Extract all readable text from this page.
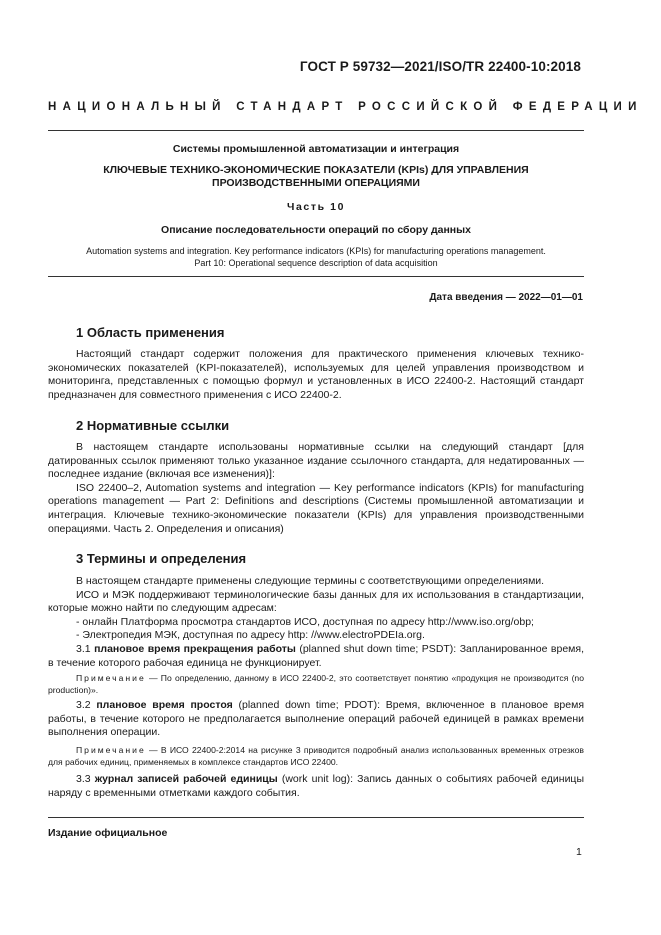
ГОСТ Р 59732—2021/ISO/TR 22400-10:2018
НАЦИОНАЛЬНЫЙ СТАНДАРТ РОССИЙСКОЙ ФЕДЕРАЦИИ
Системы промышленной автоматизации и интеграция
КЛЮЧЕВЫЕ ТЕХНИКО-ЭКОНОМИЧЕСКИЕ ПОКАЗАТЕЛИ (KPIs) ДЛЯ УПРАВЛЕНИЯ
ПРОИЗВОДСТВЕННЫМИ ОПЕРАЦИЯМИ
Часть 10
Описание последовательности операций по сбору данных
Automation systems and integration. Key performance indicators (KPIs) for manufacturing operations management.
Part 10: Operational sequence description of data acquisition
Дата введения — 2022—01—01
1 Область применения

Настоящий стандарт содержит положения для практического применения ключевых технико-экономических показателей (KPI-показателей), используемых для целей управления производством и мониторинга, представленных с помощью формул и установленных в ИСО 22400-2. Настоящий стандарт предназначен для совместного применения с ИСО 22400-2.

2 Нормативные ссылки

В настоящем стандарте использованы нормативные ссылки на следующий стандарт [для датированных ссылок применяют только указанное издание ссылочного стандарта, для недатированных — последнее издание (включая все изменения)]:

ISO 22400–2, Automation systems and integration — Key performance indicators (KPIs) for manufacturing operations management — Part 2: Definitions and descriptions (Системы промышленной автоматизации и интеграция. Ключевые технико-экономические показатели (KPIs) для управления производственными операциями. Часть 2. Определения и описания)

3 Термины и определения

В настоящем стандарте применены следующие термины с соответствующими определениями.

ИСО и МЭК поддерживают терминологические базы данных для их использования в стандартизации, которые можно найти по следующим адресам:

- онлайн Платформа просмотра стандартов ИСО, доступная по адресу http://www.iso.org/obp;

- Электропедия МЭК, доступная по адресу http: //www.electroPDEIa.org.

3.1 плановое время прекращения работы (planned shut down time; PSDT): Запланированное время, в течение которого рабочая единица не функционирует.

Примечание — По определению, данному в ИСО 22400-2, это соответствует понятию «продукция не производится (no production)».

3.2 плановое время простоя (planned down time; PDOT): Время, включенное в плановое время работы, в течение которого не предполагается выполнение операций рабочей единицей в рамках времени выполнения операции.

Примечание — В ИСО 22400-2:2014 на рисунке 3 приводится подробный анализ использованных временных отрезков для рабочих единиц, применяемых в комплексе стандартов ИСО 22400.

3.3 журнал записей рабочей единицы (work unit log): Запись данных о событиях рабочей единицы наряду с временными отметками каждого события.

Издание официальное
1
